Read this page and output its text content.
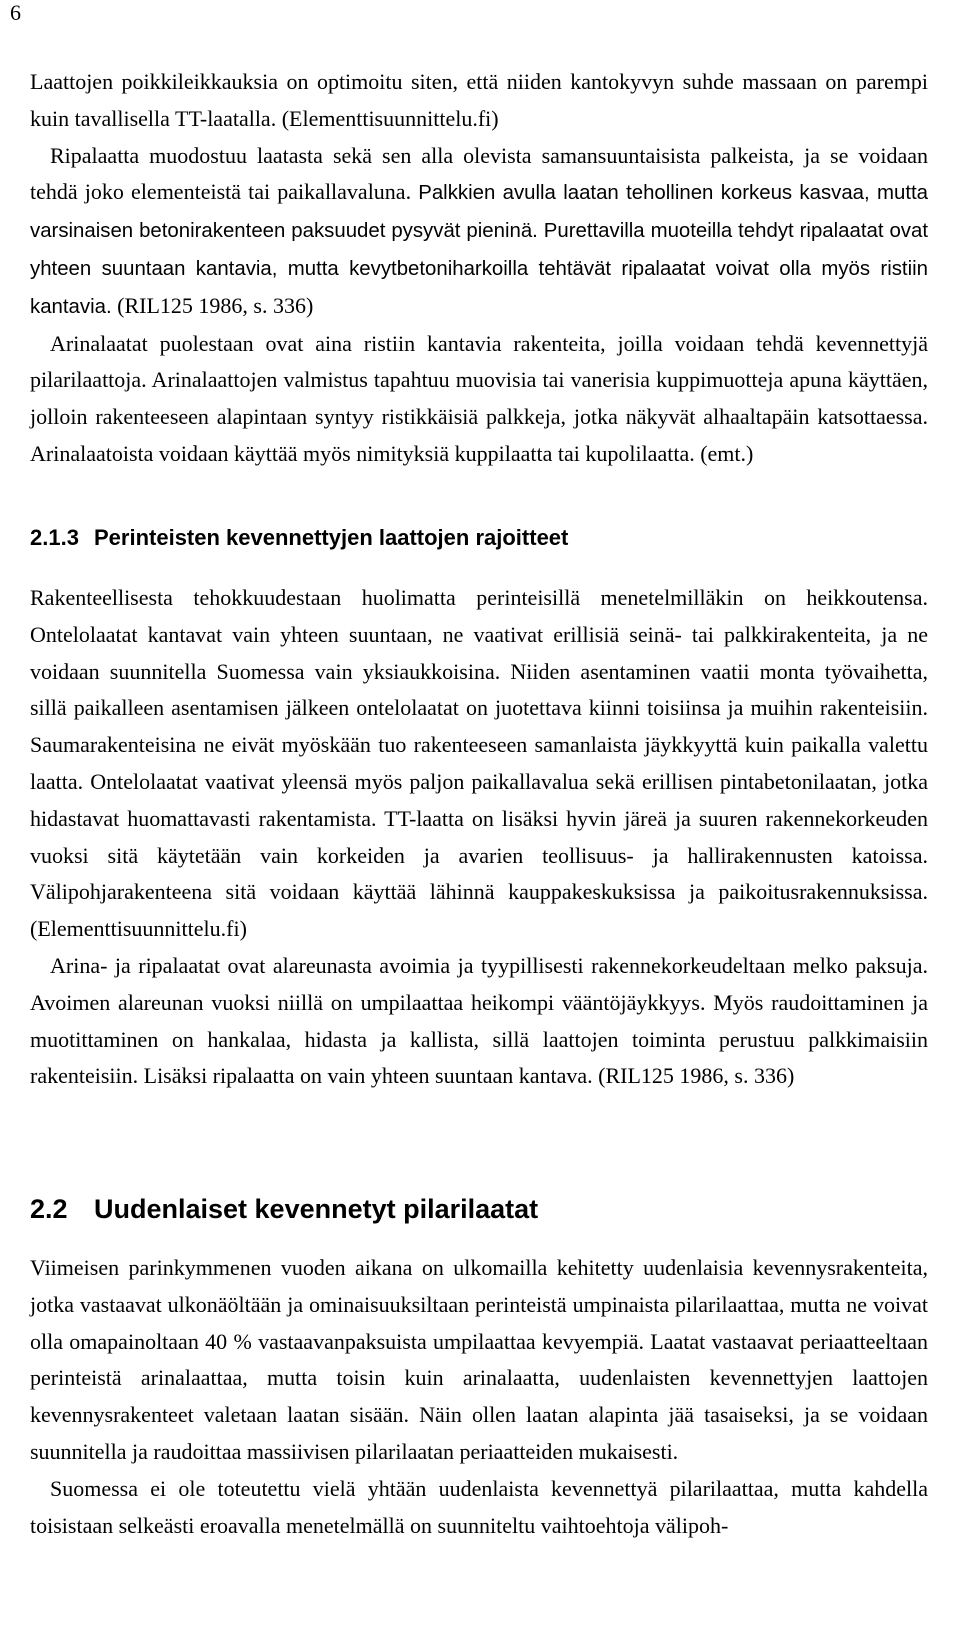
6

Laattojen poikkileikkauksia on optimoitu siten, että niiden kantokyvyn suhde massaan on parempi kuin tavallisella TT-laatalla. (Elementtisuunnittelu.fi)

Ripalaatta muodostuu laatasta sekä sen alla olevista samansuuntaisista palkeista, ja se voidaan tehdä joko elementeistä tai paikallavaluna. Palkkien avulla laatan tehollinen korkeus kasvaa, mutta varsinaisen betonirakenteen paksuudet pysyvät pieninä. Purettavilla muoteilla tehdyt ripalaatat ovat yhteen suuntaan kantavia, mutta kevytbetoniharkoilla tehtävät ripalaatat voivat olla myös ristiin kantavia. (RIL125 1986, s. 336)

Arinalaatat puolestaan ovat aina ristiin kantavia rakenteita, joilla voidaan tehdä kevennettyjä pilarilaattoja. Arinalaattojen valmistus tapahtuu muovisia tai vanerisia kuppimuotteja apuna käyttäen, jolloin rakenteeseen alapintaan syntyy ristikkäisiä palkkeja, jotka näkyvät alhaaltapäin katsottaessa. Arinalaatoista voidaan käyttää myös nimityksiä kuppilaatta tai kupolilaatta. (emt.)

2.1.3 Perinteisten kevennettyjen laattojen rajoitteet

Rakenteellisesta tehokkuudestaan huolimatta perinteisillä menetelmilläkin on heikkoutensa. Ontelolaatat kantavat vain yhteen suuntaan, ne vaativat erillisiä seinä- tai palkkirakenteita, ja ne voidaan suunnitella Suomessa vain yksiaukkoisina. Niiden asentaminen vaatii monta työvaihetta, sillä paikalleen asentamisen jälkeen ontelolaatat on juotettava kiinni toisiinsa ja muihin rakenteisiin. Saumarakenteisina ne eivät myöskään tuo rakenteeseen samanlaista jäykkyyttä kuin paikalla valettu laatta. Ontelolaatat vaativat yleensä myös paljon paikallavalua sekä erillisen pintabetonilaatan, jotka hidastavat huomattavasti rakentamista. TT-laatta on lisäksi hyvin järeä ja suuren rakennekorkeuden vuoksi sitä käytetään vain korkeiden ja avarien teollisuus- ja hallirakennusten katoissa. Välipohjarakenteena sitä voidaan käyttää lähinnä kauppakeskuksissa ja paikoitusrakennuksissa. (Elementtisuunnittelu.fi)

Arina- ja ripalaatat ovat alareunasta avoimia ja tyypillisesti rakennekorkeudeltaan melko paksuja. Avoimen alareunan vuoksi niillä on umpilaattaa heikompi vääntöjäykkyys. Myös raudoittaminen ja muotittaminen on hankalaa, hidasta ja kallista, sillä laattojen toiminta perustuu palkkimaisiin rakenteisiin. Lisäksi ripalaatta on vain yhteen suuntaan kantava. (RIL125 1986, s. 336)

2.2 Uudenlaiset kevennetyt pilarilaatat

Viimeisen parinkymmenen vuoden aikana on ulkomailla kehitetty uudenlaisia kevennysrakenteita, jotka vastaavat ulkonäöltään ja ominaisuuksiltaan perinteistä umpinaista pilarilaattaa, mutta ne voivat olla omapainoltaan 40 % vastaavanpaksuista umpilaattaa kevyempiä. Laatat vastaavat periaatteeltaan perinteistä arinalaattaa, mutta toisin kuin arinalaatta, uudenlaisten kevennettyjen laattojen kevennysrakenteet valetaan laatan sisään. Näin ollen laatan alapinta jää tasaiseksi, ja se voidaan suunnitella ja raudoittaa massiivisen pilarilaatan periaatteiden mukaisesti.

Suomessa ei ole toteutettu vielä yhtään uudenlaista kevennettyä pilarilaattaa, mutta kahdella toisistaan selkeästi eroavalla menetelmällä on suunniteltu vaihtoehtoja välipoh-
